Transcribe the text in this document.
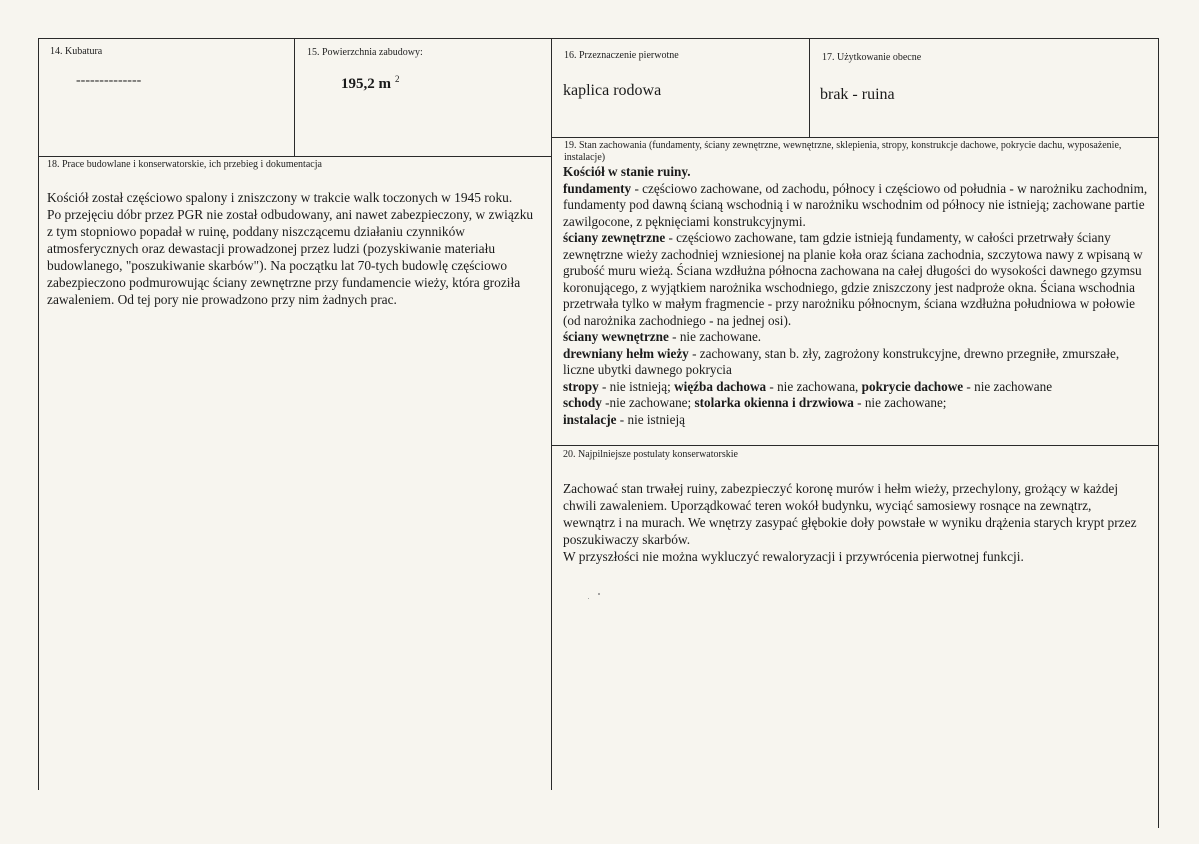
14. Kubatura
--------------
15. Powierzchnia zabudowy:
195,2 m $^2$
16. Przeznaczenie pierwotne
kaplica rodowa
17. Użytkowanie obecne
brak - ruina
18. Prace budowlane i konserwatorskie, ich przebieg i dokumentacja

Kościół został częściowo spalony i zniszczony w trakcie walk toczonych w 1945 roku.

Po przejęciu dóbr przez PGR nie został odbudowany, ani nawet zabezpieczony, w związku z tym stopniowo popadał w ruinę, poddany niszczącemu działaniu czynników atmosferycznych oraz dewastacji prowadzonej przez ludzi (pozyskiwanie materiału budowlanego, "poszukiwanie skarbów"). Na początku lat 70-tych budowlę częściowo zabezpieczono podmurowując ściany zewnętrzne przy fundamencie wieży, która groziła zawaleniem. Od tej pory nie prowadzono przy nim żadnych prac.

19. Stan zachowania (fundamenty, ściany zewnętrzne, wewnętrzne, sklepienia, stropy, konstrukcje dachowe, pokrycie dachu, wyposażenie, instalacje)

Kościół w stanie ruiny.

fundamenty - częściowo zachowane, od zachodu, północy i częściowo od południa - w narożniku zachodnim, fundamenty pod dawną ścianą wschodnią i w narożniku wschodnim od północy nie istnieją; zachowane partie zawilgocone, z pęknięciami konstrukcyjnymi.

ściany zewnętrzne - częściowo zachowane, tam gdzie istnieją fundamenty, w całości przetrwały ściany zewnętrzne wieży zachodniej wzniesionej na planie koła oraz ściana zachodnia, szczytowa nawy z wpisaną w grubość muru wieżą. Ściana wzdłużna północna zachowana na całej długości do wysokości dawnego gzymsu koronującego, z wyjątkiem narożnika wschodniego, gdzie zniszczony jest nadproże okna. Ściana wschodnia przetrwała tylko w małym fragmencie - przy narożniku północnym, ściana wzdłużna południowa w połowie (od narożnika zachodniego - na jednej osi).

ściany wewnętrzne - nie zachowane.

drewniany hełm wieży - zachowany, stan b. zły, zagrożony konstrukcyjne, drewno przegniłe, zmurszałe, liczne ubytki dawnego pokrycia

stropy - nie istnieją; więźba dachowa - nie zachowana, pokrycie dachowe - nie zachowane

schody -nie zachowane; stolarka okienna i drzwiowa - nie zachowane;

instalacje - nie istnieją

20. Najpilniejsze postulaty konserwatorskie

Zachować stan trwałej ruiny, zabezpieczyć koronę murów i hełm wieży, przechylony, grożący w każdej chwili zawaleniem. Uporządkować teren wokół budynku, wyciąć samosiewy rosnące na zewnątrz, wewnątrz i na murach. We wnętrzy zasypać głębokie doły powstałe w wyniku drążenia starych krypt przez poszukiwaczy skarbów.

W przyszłości nie można wykluczyć rewaloryzacji i przywrócenia pierwotnej funkcji.
